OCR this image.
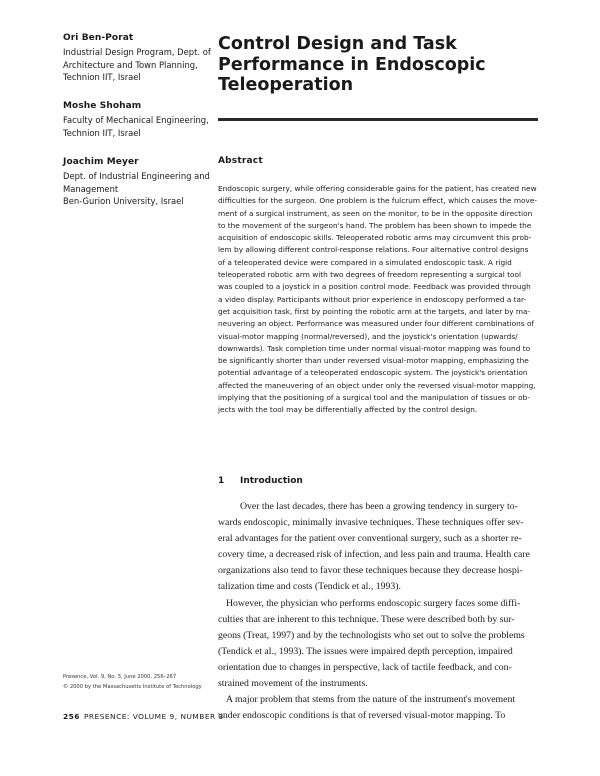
Ori Ben-Porat
Industrial Design Program, Dept. of
Architecture and Town Planning,
Technion IIT, Israel
Moshe Shoham
Faculty of Mechanical Engineering,
Technion IIT, Israel
Joachim Meyer
Dept. of Industrial Engineering and
Management
Ben-Gurion University, Israel
Control Design and Task
Performance in Endoscopic
Teleoperation
Abstract
Endoscopic surgery, while offering considerable gains for the patient, has created new
difficulties for the surgeon. One problem is the fulcrum effect, which causes the move-
ment of a surgical instrument, as seen on the monitor, to be in the opposite direction
to the movement of the surgeon's hand. The problem has been shown to impede the
acquisition of endoscopic skills. Teleoperated robotic arms may circumvent this prob-
lem by allowing different control-response relations. Four alternative control designs
of a teleoperated device were compared in a simulated endoscopic task. A rigid
teleoperated robotic arm with two degrees of freedom representing a surgical tool
was coupled to a joystick in a position control mode. Feedback was provided through
a video display. Participants without prior experience in endoscopy performed a tar-
get acquisition task, first by pointing the robotic arm at the targets, and later by ma-
neuvering an object. Performance was measured under four different combinations of
visual-motor mapping (normal/reversed), and the joystick's orientation (upwards/
downwards). Task completion time under normal visual-motor mapping was found to
be significantly shorter than under reversed visual-motor mapping, emphasizing the
potential advantage of a teleoperated endoscopic system. The joystick's orientation
affected the maneuvering of an object under only the reversed visual-motor mapping,
implying that the positioning of a surgical tool and the manipulation of tissues or ob-
jects with the tool may be differentially affected by the control design.
1 Introduction
Over the last decades, there has been a growing tendency in surgery to-
wards endoscopic, minimally invasive techniques. These techniques offer sev-
eral advantages for the patient over conventional surgery, such as a shorter re-
covery time, a decreased risk of infection, and less pain and trauma. Health care
organizations also tend to favor these techniques because they decrease hospi-
talization time and costs (Tendick et al., 1993).
However, the physician who performs endoscopic surgery faces some diffi-
culties that are inherent to this technique. These were described both by sur-
geons (Treat, 1997) and by the technologists who set out to solve the problems
(Tendick et al., 1993). The issues were impaired depth perception, impaired
orientation due to changes in perspective, lack of tactile feedback, and con-
strained movement of the instruments.
A major problem that stems from the nature of the instrument's movement
under endoscopic conditions is that of reversed visual-motor mapping. To
Presence, Vol. 9, No. 3, June 2000, 256–267
© 2000 by the Massachusetts Institute of Technology
256 PRESENCE: VOLUME 9, NUMBER 3
